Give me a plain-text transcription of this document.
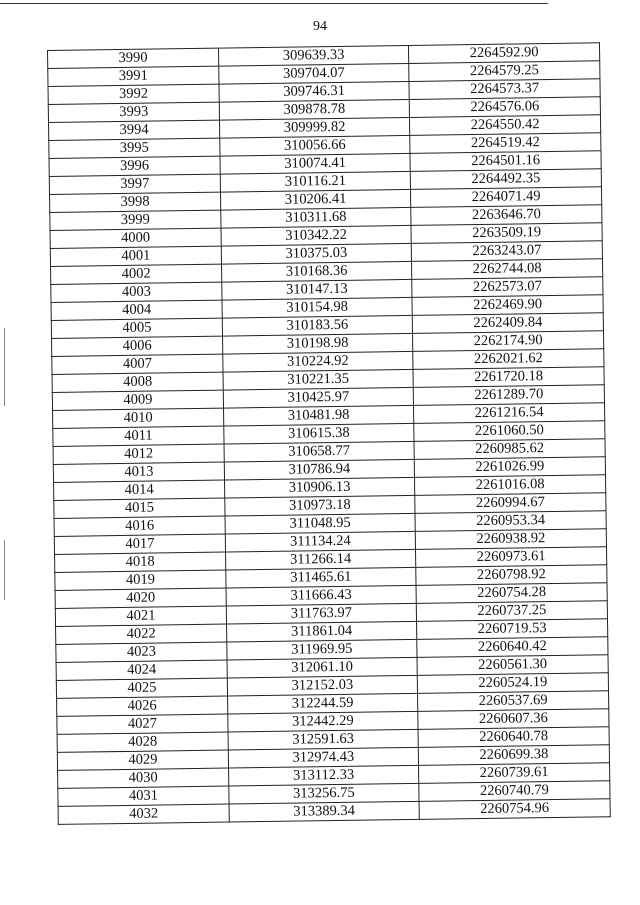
94
3990	309639.33	2264592.90
3991	309704.07	2264579.25
3992	309746.31	2264573.37
3993	309878.78	2264576.06
3994	309999.82	2264550.42
3995	310056.66	2264519.42
3996	310074.41	2264501.16
3997	310116.21	2264492.35
3998	310206.41	2264071.49
3999	310311.68	2263646.70
4000	310342.22	2263509.19
4001	310375.03	2263243.07
4002	310168.36	2262744.08
4003	310147.13	2262573.07
4004	310154.98	2262469.90
4005	310183.56	2262409.84
4006	310198.98	2262174.90
4007	310224.92	2262021.62
4008	310221.35	2261720.18
4009	310425.97	2261289.70
4010	310481.98	2261216.54
4011	310615.38	2261060.50
4012	310658.77	2260985.62
4013	310786.94	2261026.99
4014	310906.13	2261016.08
4015	310973.18	2260994.67
4016	311048.95	2260953.34
4017	311134.24	2260938.92
4018	311266.14	2260973.61
4019	311465.61	2260798.92
4020	311666.43	2260754.28
4021	311763.97	2260737.25
4022	311861.04	2260719.53
4023	311969.95	2260640.42
4024	312061.10	2260561.30
4025	312152.03	2260524.19
4026	312244.59	2260537.69
4027	312442.29	2260607.36
4028	312591.63	2260640.78
4029	312974.43	2260699.38
4030	313112.33	2260739.61
4031	313256.75	2260740.79
4032	313389.34	2260754.96
